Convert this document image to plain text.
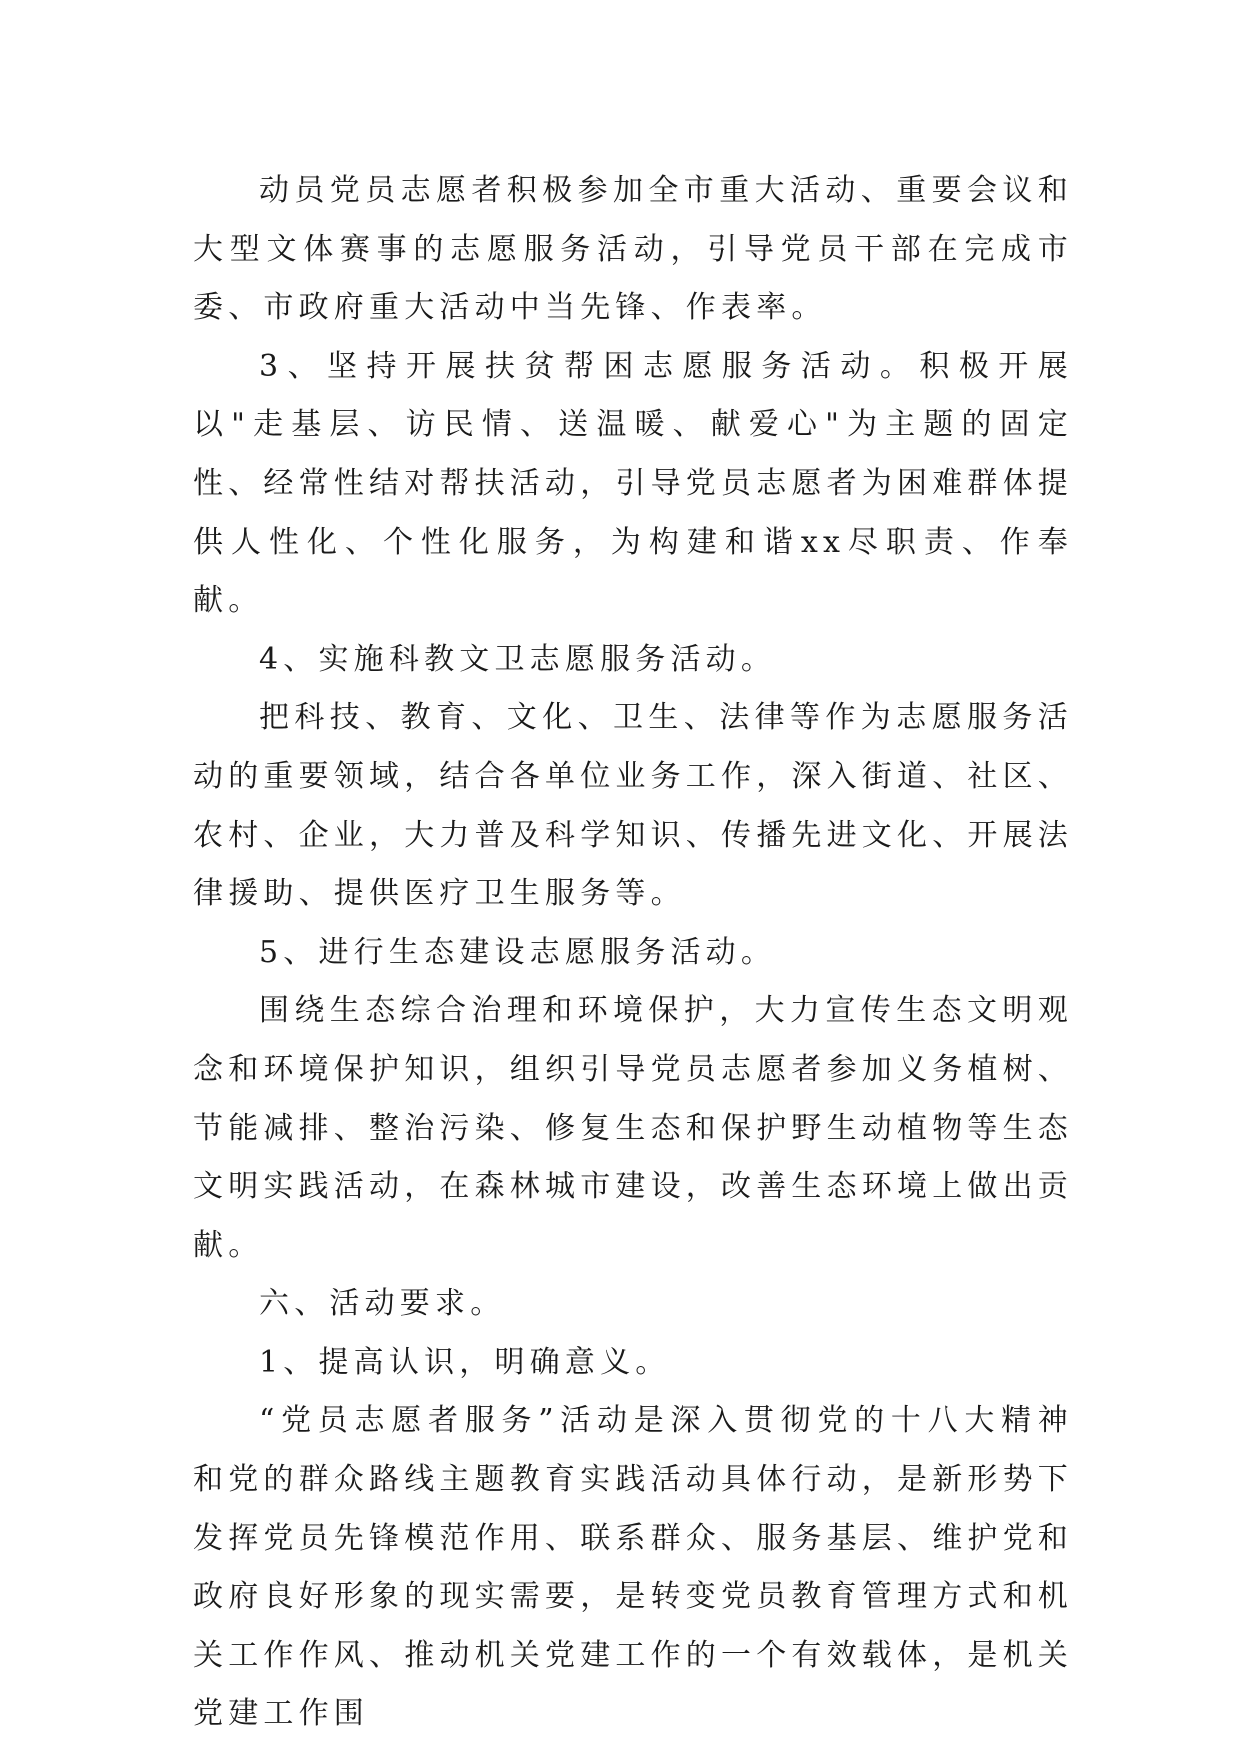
动员党员志愿者积极参加全市重大活动、重要会议和大型文体赛事的志愿服务活动，引导党员干部在完成市委、市政府重大活动中当先锋、作表率。

3、坚持开展扶贫帮困志愿服务活动。积极开展以"走基层、访民情、送温暖、献爱心"为主题的固定性、经常性结对帮扶活动，引导党员志愿者为困难群体提供人性化、个性化服务，为构建和谐xx尽职责、作奉献。

4、实施科教文卫志愿服务活动。

把科技、教育、文化、卫生、法律等作为志愿服务活动的重要领域，结合各单位业务工作，深入街道、社区、农村、企业，大力普及科学知识、传播先进文化、开展法律援助、提供医疗卫生服务等。

5、进行生态建设志愿服务活动。

围绕生态综合治理和环境保护，大力宣传生态文明观念和环境保护知识，组织引导党员志愿者参加义务植树、节能减排、整治污染、修复生态和保护野生动植物等生态文明实践活动，在森林城市建设，改善生态环境上做出贡献。

六、活动要求。

1、提高认识，明确意义。

“党员志愿者服务”活动是深入贯彻党的十八大精神和党的群众路线主题教育实践活动具体行动，是新形势下发挥党员先锋模范作用、联系群众、服务基层、维护党和政府良好形象的现实需要，是转变党员教育管理方式和机关工作作风、推动机关党建工作的一个有效载体，是机关党建工作围
